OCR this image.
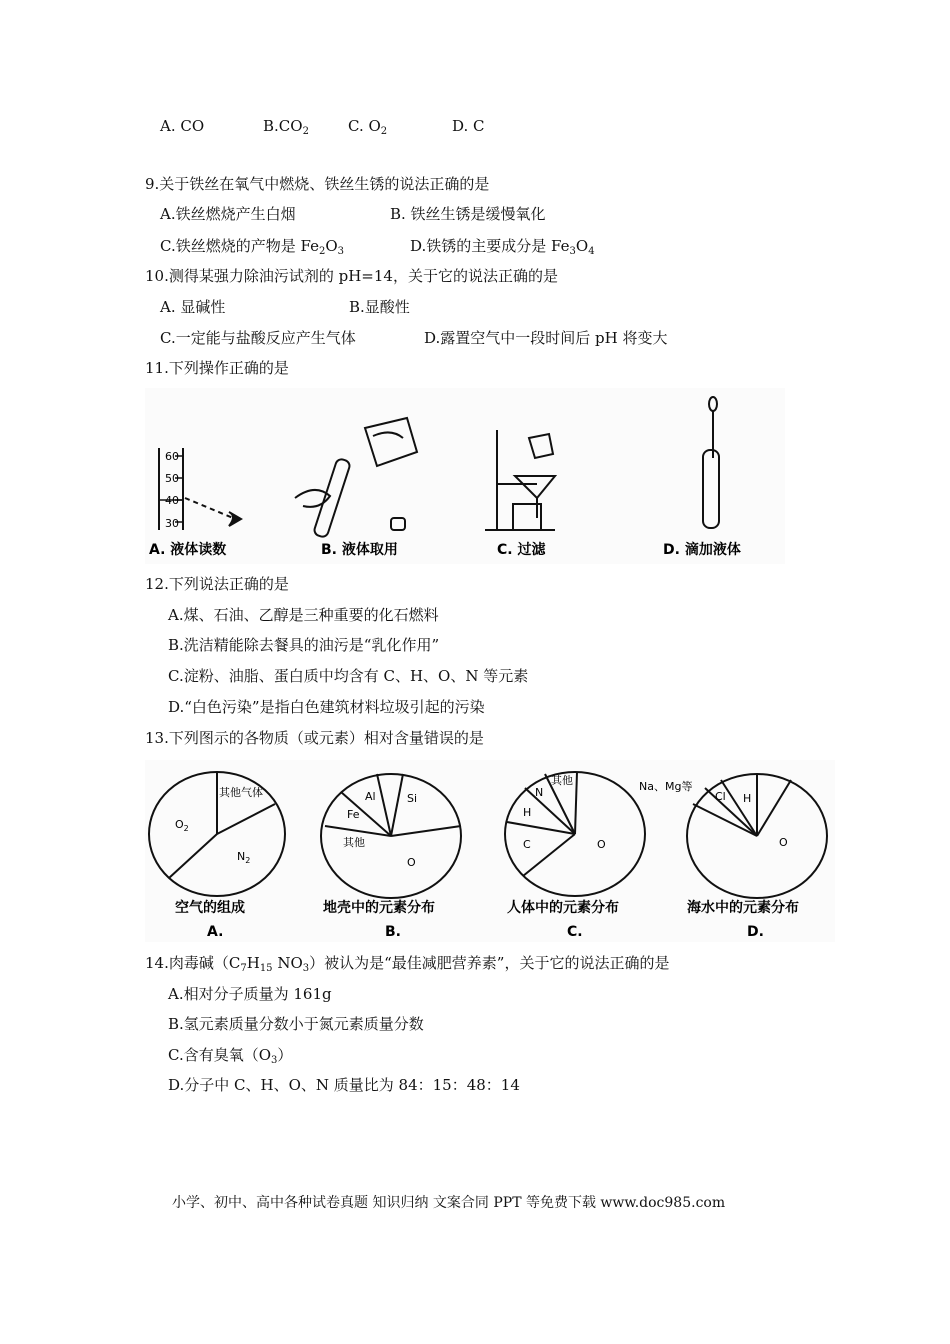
A. CO	$B.CO_2$	C. $O_2$	D. C
9.关于铁丝在氧气中燃烧、铁丝生锈的说法正确的是
A.铁丝燃烧产生白烟	B. 铁丝生锈是缓慢氧化
C.铁丝燃烧的产物是 $Fe_2O_3$	D.铁锈的主要成分是 $Fe_3O_4$
10.测得某强力除油污试剂的 pH=14，关于它的说法正确的是
A. 显碱性	B.显酸性
C.一定能与盐酸反应产生气体	D.露置空气中一段时间后 pH 将变大
11.下列操作正确的是
60
50
40
30
A. 液体读数	B. 液体取用	C. 过滤	D. 滴加液体
12.下列说法正确的是
A.煤、石油、乙醇是三种重要的化石燃料
B.洗洁精能除去餐具的油污是“乳化作用”
C.淀粉、油脂、蛋白质中均含有 C、H、O、N 等元素
D.“白色污染”是指白色建筑材料垃圾引起的污染
13.下列图示的各物质（或元素）相对含量错误的是
其他气体
$O_2$
$N_2$
空气的组成
A.
Al	Si
Fe
其他
O
地壳中的元素分布
B.
其他
N
H
C	O
人体中的元素分布
C.
Na、Mg等
Cl H
O
海水中的元素分布
D.
14.肉毒碱（$C_7H_{15}$ $NO_3$）被认为是“最佳减肥营养素”，关于它的说法正确的是
A.相对分子质量为 161g
B.氢元素质量分数小于氮元素质量分数
C.含有臭氧$(O_3)$
D.分子中 C、H、O、N 质量比为 84：15：48：14
小学、初中、高中各种试卷真题 知识归纳 文案合同 PPT 等免费下载 www.doc985.com
